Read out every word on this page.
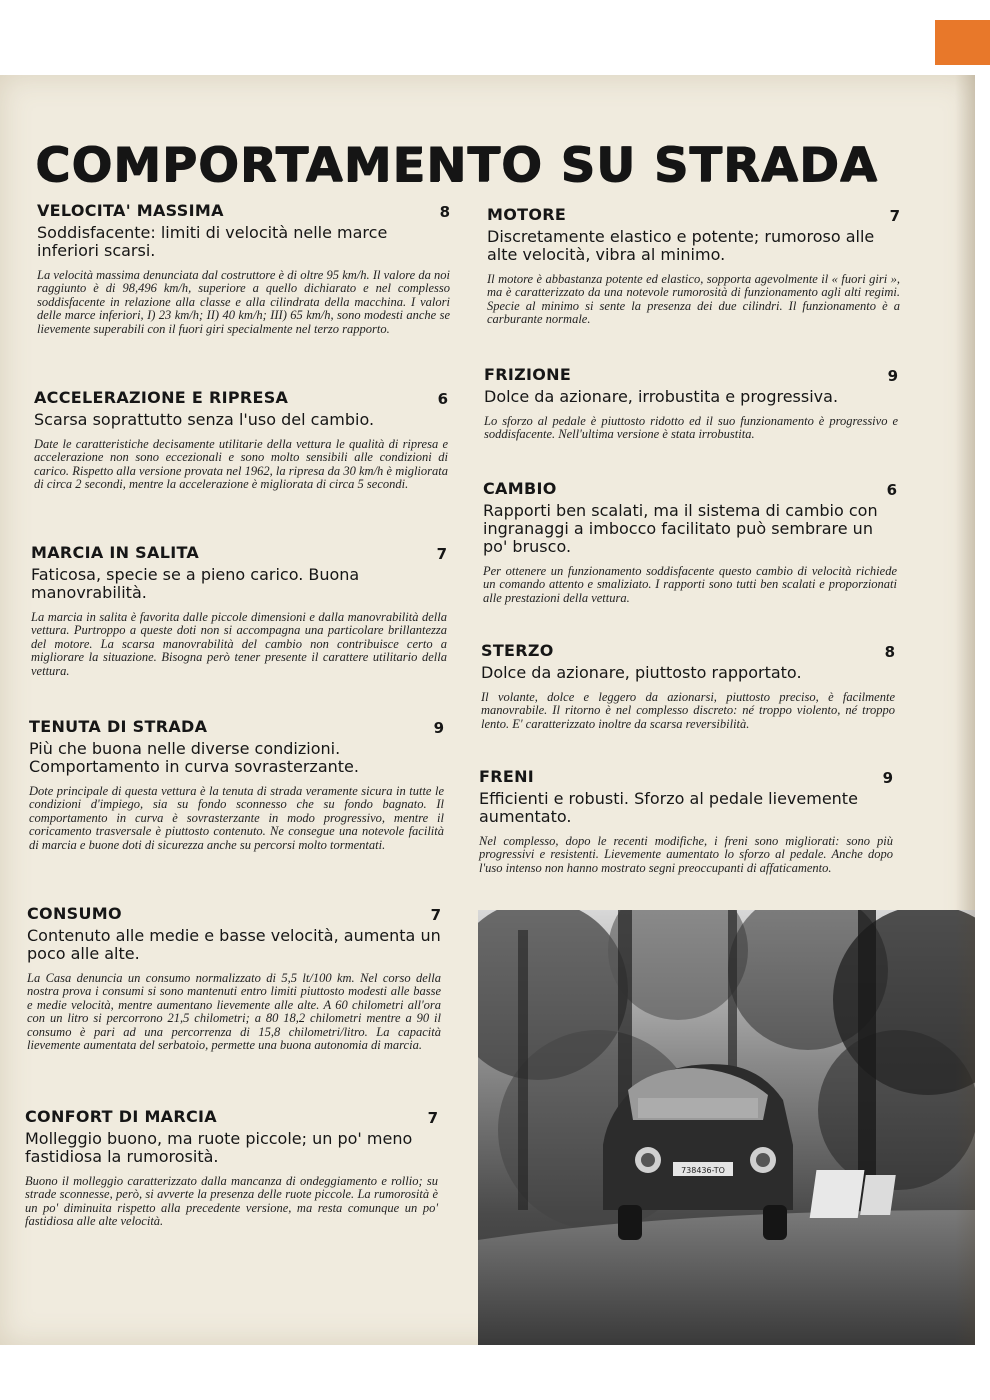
COMPORTAMENTO SU STRADA
VELOCITA' MASSIMA	8
Soddisfacente: limiti di velocità nelle marce inferiori scarsi.
La velocità massima denunciata dal costruttore è di oltre 95 km/h. Il valore da noi raggiunto è di 98,496 km/h, superiore a quello dichiarato e nel complesso soddisfacente in relazione alla classe e alla cilindrata della macchina. I valori delle marce inferiori, I) 23 km/h; II) 40 km/h; III) 65 km/h, sono modesti anche se lievemente superabili con il fuori giri specialmente nel terzo rapporto.
ACCELERAZIONE E RIPRESA	6
Scarsa soprattutto senza l'uso del cambio.
Date le caratteristiche decisamente utilitarie della vettura le qualità di ripresa e accelerazione non sono eccezionali e sono molto sensibili alle condizioni di carico. Rispetto alla versione provata nel 1962, la ripresa da 30 km/h è migliorata di circa 2 secondi, mentre la accelerazione è migliorata di circa 5 secondi.
MARCIA IN SALITA	7
Faticosa, specie se a pieno carico. Buona manovrabilità.
La marcia in salita è favorita dalle piccole dimensioni e dalla manovrabilità della vettura. Purtroppo a queste doti non si accompagna una particolare brillantezza del motore. La scarsa manovrabilità del cambio non contribuisce certo a migliorare la situazione. Bisogna però tener presente il carattere utilitario della vettura.
TENUTA DI STRADA	9
Più che buona nelle diverse condizioni. Comportamento in curva sovrasterzante.
Dote principale di questa vettura è la tenuta di strada veramente sicura in tutte le condizioni d'impiego, sia su fondo sconnesso che su fondo bagnato. Il comportamento in curva è sovrasterzante in modo progressivo, mentre il coricamento trasversale è piuttosto contenuto. Ne consegue una notevole facilità di marcia e buone doti di sicurezza anche su percorsi molto tormentati.
CONSUMO	7
Contenuto alle medie e basse velocità, aumenta un poco alle alte.
La Casa denuncia un consumo normalizzato di 5,5 lt/100 km. Nel corso della nostra prova i consumi si sono mantenuti entro limiti piuttosto modesti alle basse e medie velocità, mentre aumentano lievemente alle alte. A 60 chilometri all'ora con un litro si percorrono 21,5 chilometri; a 80 18,2 chilometri mentre a 90 il consumo è pari ad una percorrenza di 15,8 chilometri/litro. La capacità lievemente aumentata del serbatoio, permette una buona autonomia di marcia.
CONFORT DI MARCIA	7
Molleggio buono, ma ruote piccole; un po' meno fastidiosa la rumorosità.
Buono il molleggio caratterizzato dalla mancanza di ondeggiamento e rollio; su strade sconnesse, però, si avverte la presenza delle ruote piccole. La rumorosità è un po' diminuita rispetto alla precedente versione, ma resta comunque un po' fastidiosa alle alte velocità.
MOTORE	7
Discretamente elastico e potente; rumoroso alle alte velocità, vibra al minimo.
Il motore è abbastanza potente ed elastico, sopporta agevolmente il « fuori giri », ma è caratterizzato da una notevole rumorosità di funzionamento agli alti regimi. Specie al minimo si sente la presenza dei due cilindri. Il funzionamento è a carburante normale.
FRIZIONE	9
Dolce da azionare, irrobustita e progressiva.
Lo sforzo al pedale è piuttosto ridotto ed il suo funzionamento è progressivo e soddisfacente. Nell'ultima versione è stata irrobustita.
CAMBIO	6
Rapporti ben scalati, ma il sistema di cambio con ingranaggi a imbocco facilitato può sembrare un po' brusco.
Per ottenere un funzionamento soddisfacente questo cambio di velocità richiede un comando attento e smaliziato. I rapporti sono tutti ben scalati e proporzionati alle prestazioni della vettura.
STERZO	8
Dolce da azionare, piuttosto rapportato.
Il volante, dolce e leggero da azionarsi, piuttosto preciso, è facilmente manovrabile. Il ritorno è nel complesso discreto: né troppo violento, né troppo lento. E' caratterizzato inoltre da scarsa reversibilità.
FRENI	9
Efficienti e robusti. Sforzo al pedale lievemente aumentato.
Nel complesso, dopo le recenti modifiche, i freni sono migliorati: sono più progressivi e resistenti. Lievemente aumentato lo sforzo al pedale. Anche dopo l'uso intenso non hanno mostrato segni preoccupanti di affaticamento.
738436-TO
